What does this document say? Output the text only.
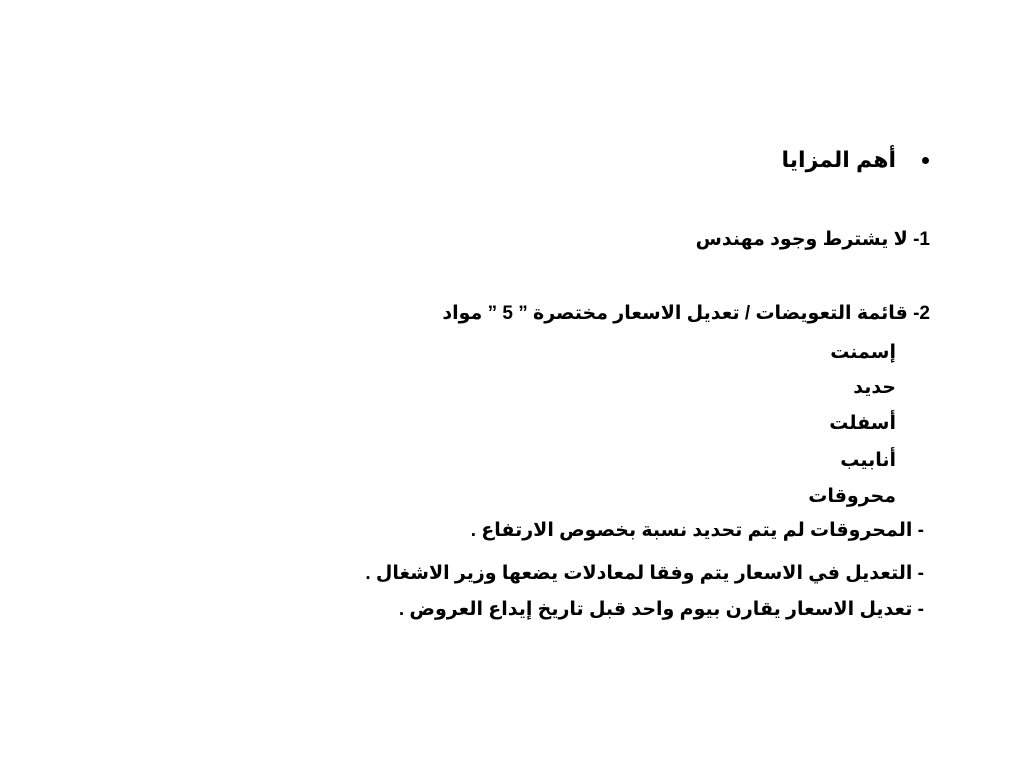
أهم المزايا
1- لا يشترط وجود مهندس
2- قائمة التعويضات / تعديل الاسعار مختصرة ” 5 ” مواد
إسمنت
حديد
أسفلت
أنابيب
محروقات
- المحروقات لم يتم تحديد نسبة بخصوص الارتفاع .
- التعديل في الاسعار يتم وفقا لمعادلات يضعها وزير الاشغال .
- تعديل الاسعار يقارن بيوم واحد قبل تاريخ إيداع العروض .
